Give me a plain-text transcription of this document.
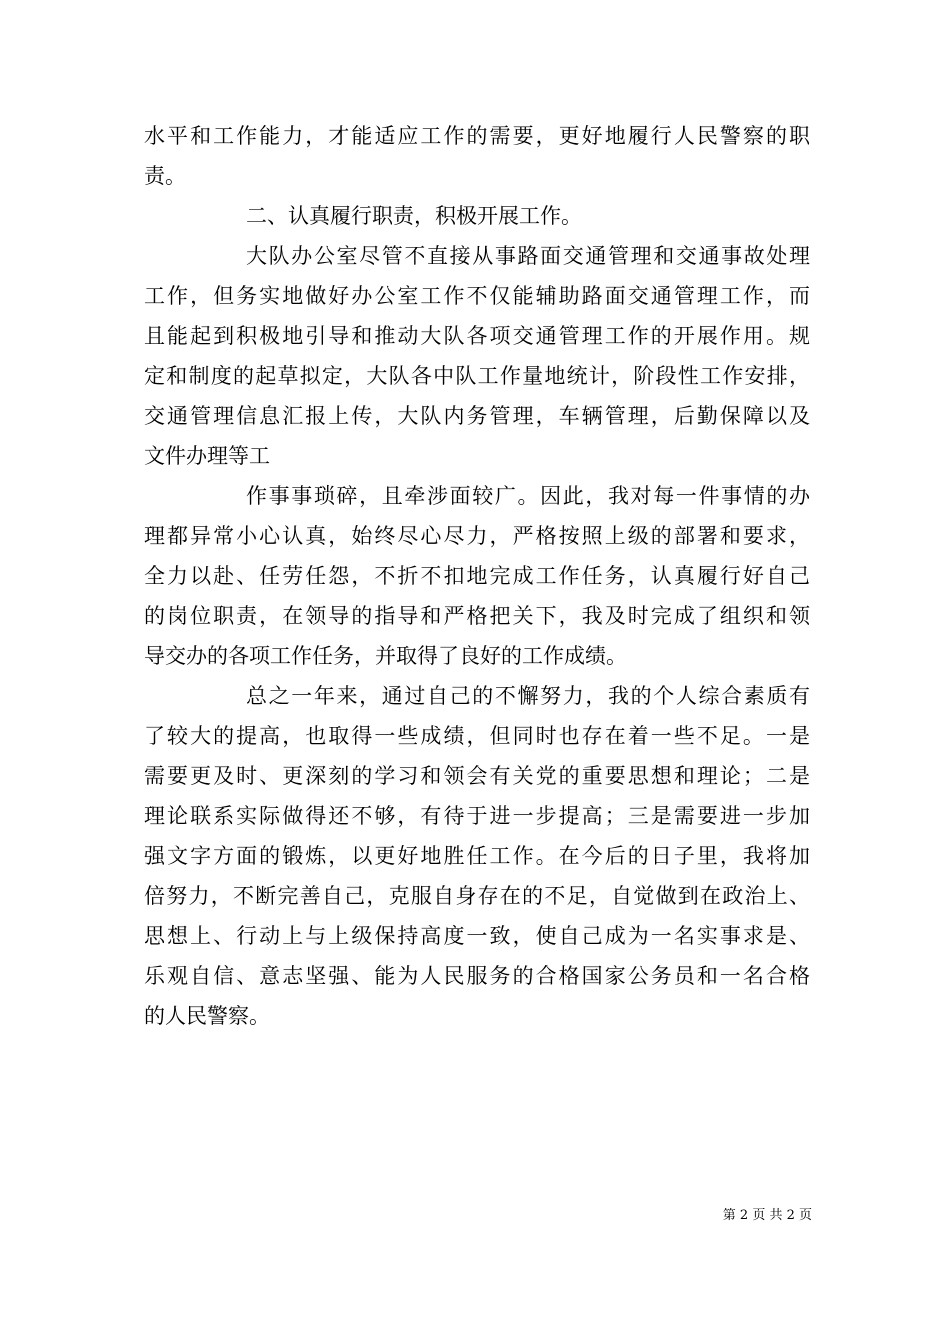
水平和工作能力，才能适应工作的需要，更好地履行人民警察的职
责。
二、认真履行职责，积极开展工作。
大队办公室尽管不直接从事路面交通管理和交通事故处理
工作，但务实地做好办公室工作不仅能辅助路面交通管理工作，而
且能起到积极地引导和推动大队各项交通管理工作的开展作用。规
定和制度的起草拟定，大队各中队工作量地统计，阶段性工作安排，
交通管理信息汇报上传，大队内务管理，车辆管理，后勤保障以及
文件办理等工
作事事琐碎，且牵涉面较广。因此，我对每一件事情的办
理都异常小心认真，始终尽心尽力，严格按照上级的部署和要求，
全力以赴、任劳任怨，不折不扣地完成工作任务，认真履行好自己
的岗位职责，在领导的指导和严格把关下，我及时完成了组织和领
导交办的各项工作任务，并取得了良好的工作成绩。
总之一年来，通过自己的不懈努力，我的个人综合素质有
了较大的提高，也取得一些成绩，但同时也存在着一些不足。一是
需要更及时、更深刻的学习和领会有关党的重要思想和理论；二是
理论联系实际做得还不够，有待于进一步提高；三是需要进一步加
强文字方面的锻炼，以更好地胜任工作。在今后的日子里，我将加
倍努力，不断完善自己，克服自身存在的不足，自觉做到在政治上、
思想上、行动上与上级保持高度一致，使自己成为一名实事求是、
乐观自信、意志坚强、能为人民服务的合格国家公务员和一名合格
的人民警察。
第 2 页 共 2 页
